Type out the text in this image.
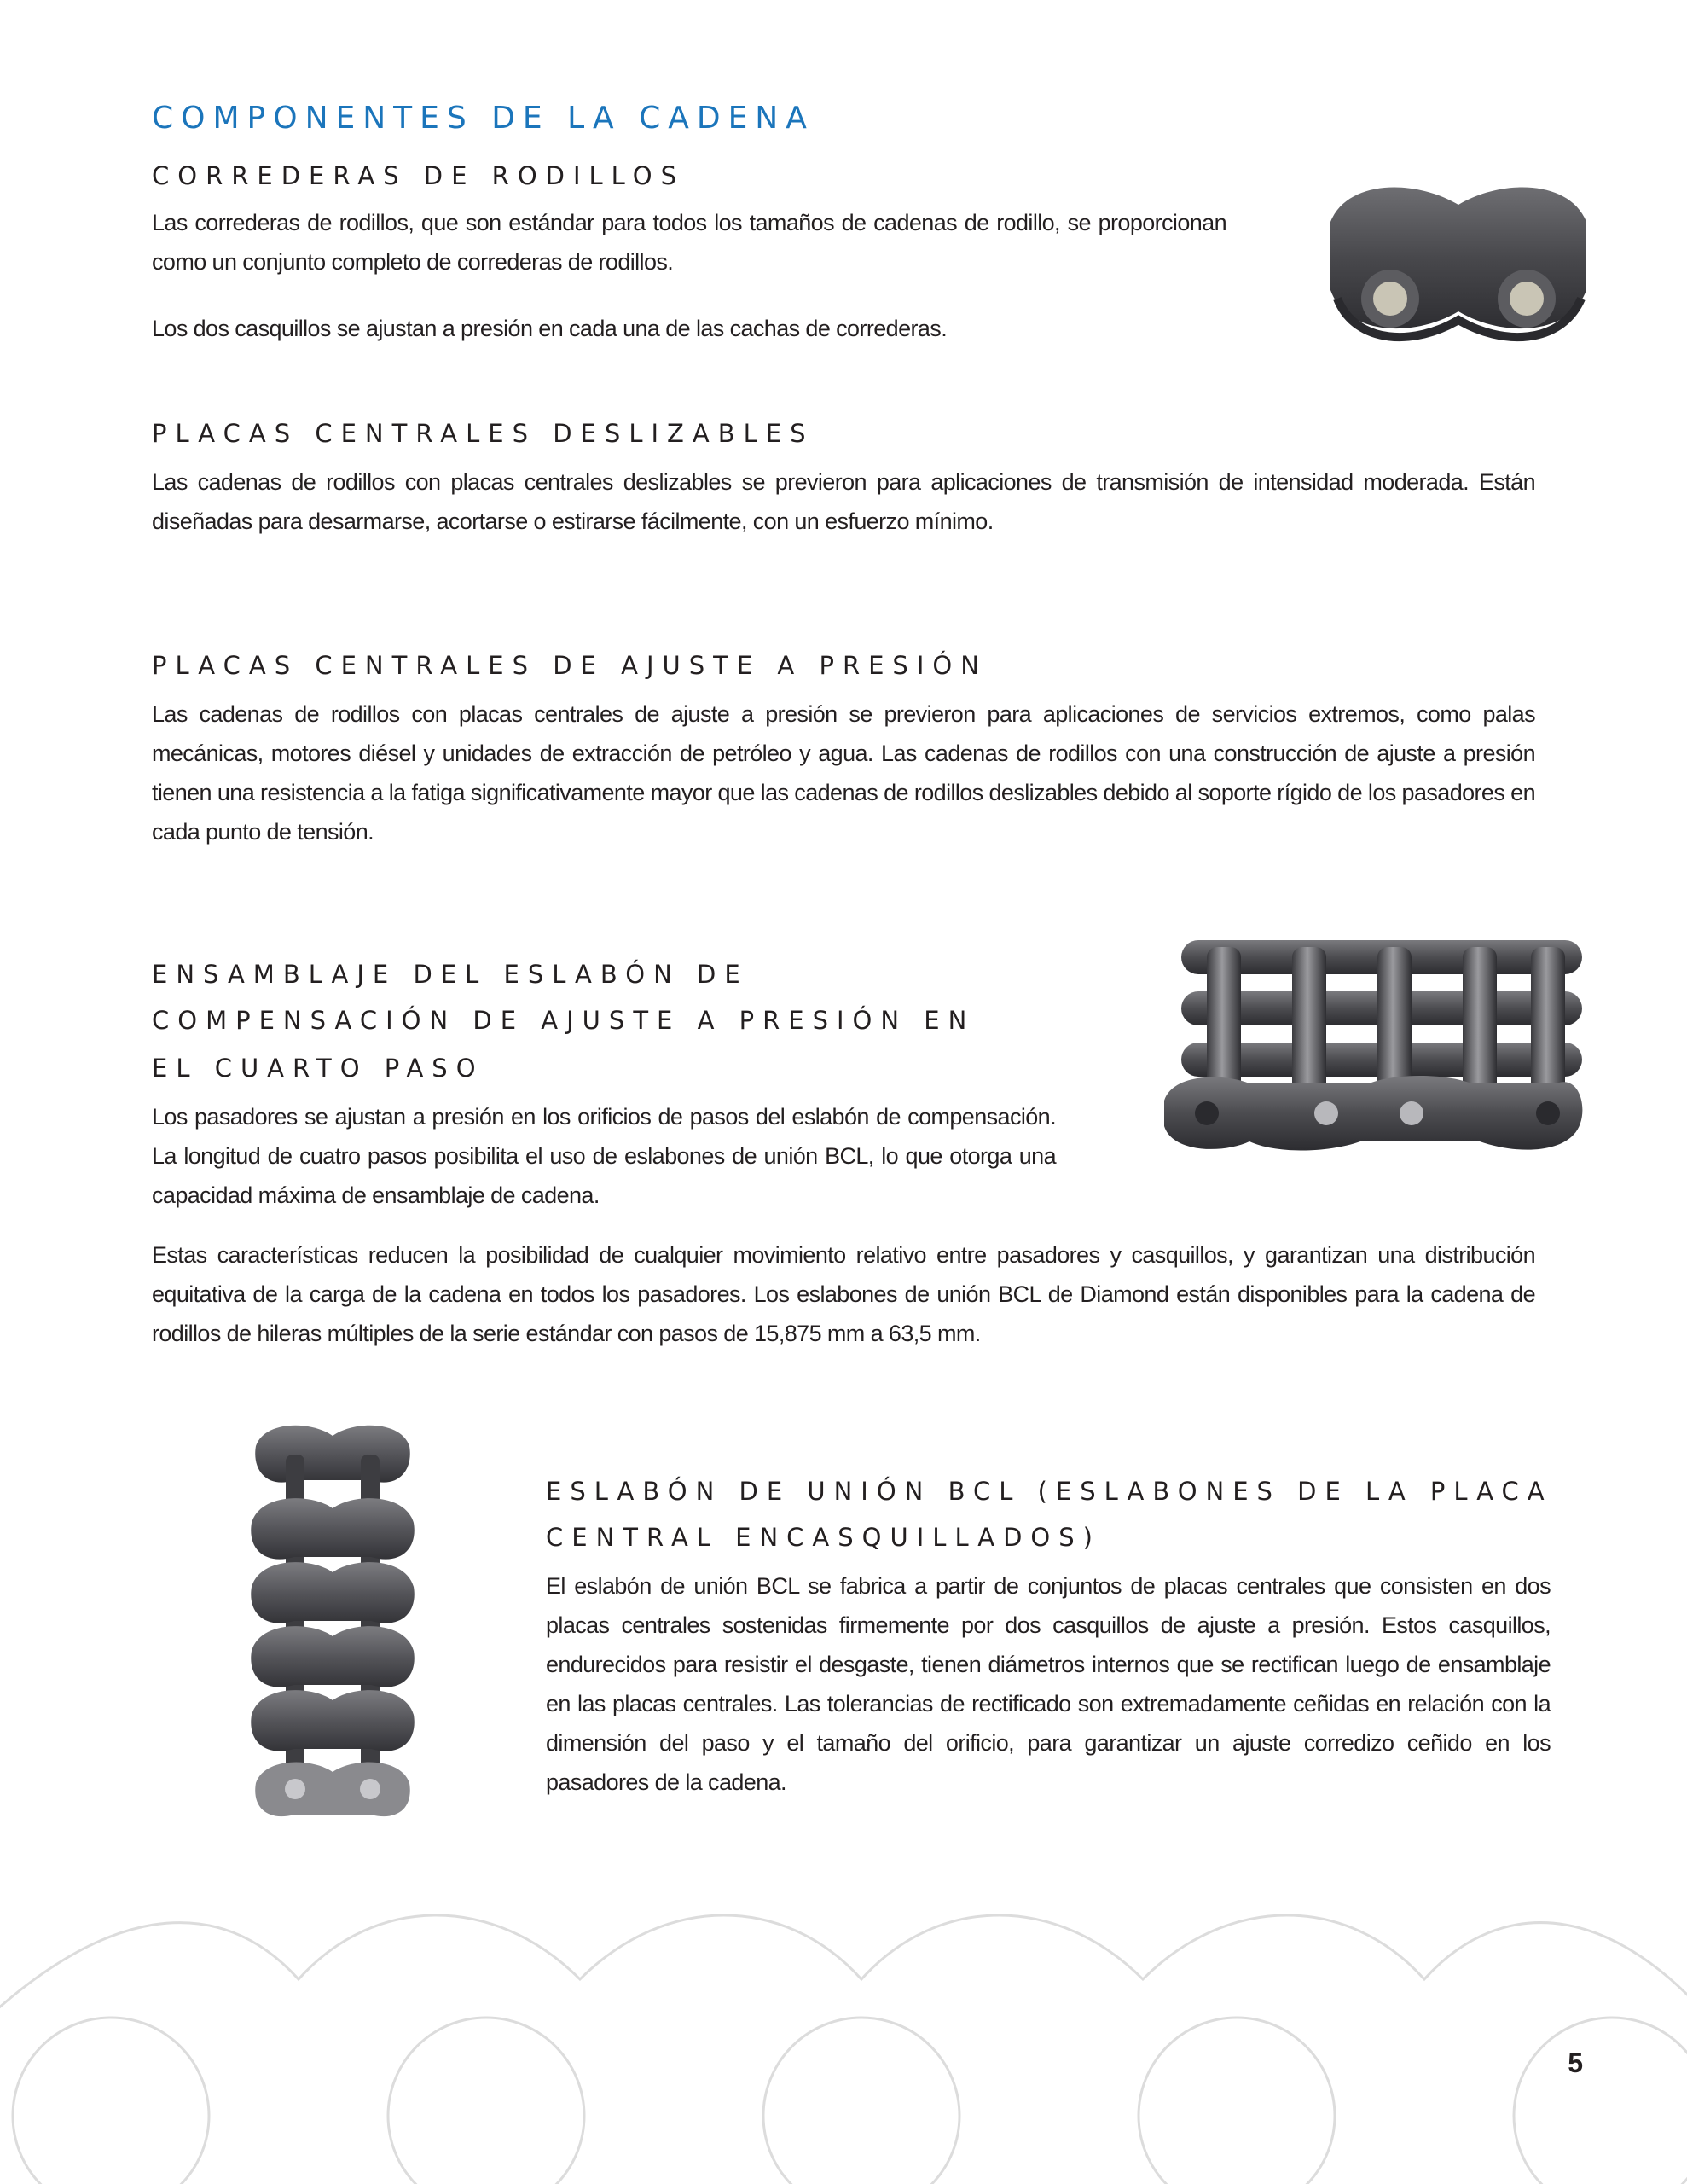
COMPONENTES DE LA CADENA
CORREDERAS DE RODILLOS

Las correderas de rodillos, que son estándar para todos los tamaños de cadenas de rodillo, se proporcionan como un conjunto completo de correderas de rodillos.

Los dos casquillos se ajustan a presión en cada una de las cachas de correderas.

PLACAS CENTRALES DESLIZABLES

Las cadenas de rodillos con placas centrales deslizables se previeron para aplicaciones de transmisión de intensidad moderada. Están diseñadas para desarmarse, acortarse o estirarse fácilmente, con un esfuerzo mínimo.

PLACAS CENTRALES DE AJUSTE A PRESIÓN

Las cadenas de rodillos con placas centrales de ajuste a presión se previeron para aplicaciones de servicios extremos, como palas mecánicas, motores diésel y unidades de extracción de petróleo y agua. Las cadenas de rodillos con una construcción de ajuste a presión tienen una resistencia a la fatiga significativamente mayor que las cadenas de rodillos deslizables debido al soporte rígido de los pasadores en cada punto de tensión.

ENSAMBLAJE DEL ESLABÓN DE
COMPENSACIÓN DE AJUSTE A PRESIÓN EN
EL CUARTO PASO

Los pasadores se ajustan a presión en los orificios de pasos del eslabón de compensación. La longitud de cuatro pasos posibilita el uso de eslabones de unión BCL, lo que otorga una capacidad máxima de ensamblaje de cadena.

Estas características reducen la posibilidad de cualquier movimiento relativo entre pasadores y casquillos, y garantizan una distribución equitativa de la carga de la cadena en todos los pasadores. Los eslabones de unión BCL de Diamond están disponibles para la cadena de rodillos de hileras múltiples de la serie estándar con pasos de 15,875 mm a 63,5 mm.

ESLABÓN DE UNIÓN BCL (ESLABONES DE LA PLACA
CENTRAL ENCASQUILLADOS)

El eslabón de unión BCL se fabrica a partir de conjuntos de placas centrales que consisten en dos placas centrales sostenidas firmemente por dos casquillos de ajuste a presión. Estos casquillos, endurecidos para resistir el desgaste, tienen diámetros internos que se rectifican luego de ensamblaje en las placas centrales. Las tolerancias de rectificado son extremadamente ceñidas en relación con la dimensión del paso y el tamaño del orificio, para garantizar un ajuste corredizo ceñido en los pasadores de la cadena.

5
